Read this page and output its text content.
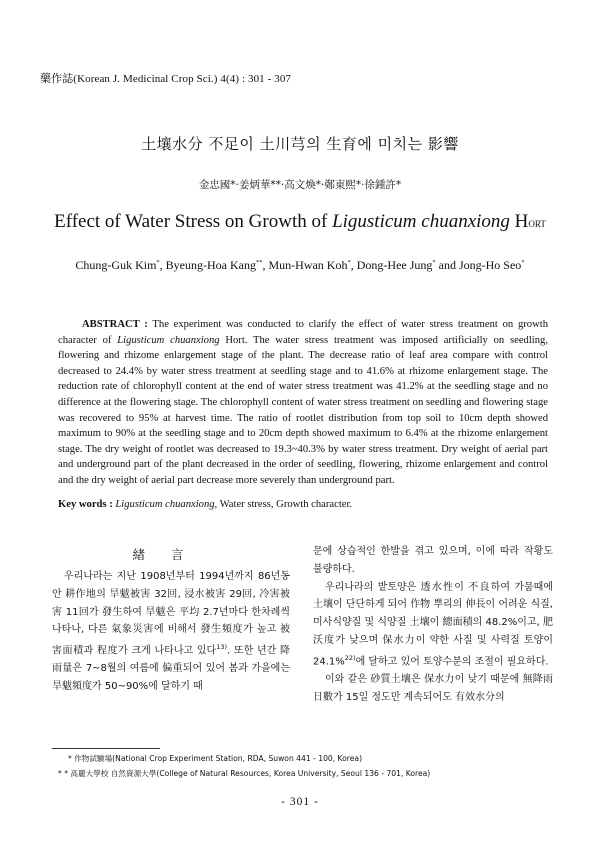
藥作誌(Korean J. Medicinal Crop Sci.) 4(4) : 301 - 307
土壤水分 不足이 土川芎의 生育에 미치는 影響
金忠國*·姜炳華**·高文煥*·鄭東熙*·徐鍾許*
Effect of Water Stress on Growth of Ligusticum chuanxiong HORT
Chung-Guk Kim*, Byeung-Hoa Kang**, Mun-Hwan Koh*, Dong-Hee Jung* and Jong-Ho Seo*
ABSTRACT : The experiment was conducted to clarify the effect of water stress treatment on growth character of Ligusticum chuanxiong Hort. The water stress treatment was imposed artificially on seedling, flowering and rhizome enlargement stage of the plant. The decrease ratio of leaf area compare with control decreased to 24.4% by water stress treatment at seedling stage and to 41.6% at rhizome enlargement stage. The reduction rate of chlorophyll content at the end of water stress treatment was 41.2% at the seedling stage and no difference at the flowering stage. The chlorophyll content of water stress treatment on seedling and flowering stage was recovered to 95% at harvest time. The ratio of rootlet distribution from top soil to 10cm depth showed maximum to 90% at the seedling stage and to 20cm depth showed maximum to 6.4% at the rhizome enlargement stage. The dry weight of rootlet was decreased to 19.3~40.3% by water stress treatment. Dry weight of aerial part and underground part of the plant decreased in the order of seedling, flowering, rhizome enlargement and control and the dry weight of aerial part decrease more severely than underground part.
Key words : Ligusticum chuanxiong, Water stress, Growth character.
緖言
우리나라는 지난 1908년부터 1994년까지 86년동안 耕作地의 旱魃被害 32回, 浸水被害 29回, 冷害被害 11回가 發生하여 旱魃은 平均 2.7년마다 한차례씩 나타나, 다른 氣象災害에 비해서 發生頻度가 높고 被害面積과 程度가 크게 나타나고 있다$^{13)}$. 또한 년간 降雨量은 7~8월의 여름에 偏重되어 있어 봄과 가을에는 旱魃頻度가 50~90%에 달하기 때

문에 상습적인 한발을 겪고 있으며, 이에 따라 작황도 불량하다.

우리나라의 밭토양은 透水性이 不良하여 가뭄때에 土壤이 단단하게 되어 作物 뿌리의 伸長이 어려운 식질, 미사식양질 및 식양질 土壤이 總面積의 48.2%이고, 肥沃度가 낮으며 保水力이 약한 사질 및 사력질 토양이 24.1%$^{22)}$에 달하고 있어 토양수분의 조절이 필요하다.

이와 같은 砂質土壤은 保水力이 낮기 때문에 無降雨 日數가 15일 정도만 계속되어도 有效水分의

* 作物試驗場(National Crop Experiment Station, RDA, Suwon 441 - 100, Korea)
* * 高麗大學校 自然資源大學(College of Natural Resources, Korea University, Seoul 136 - 701, Korea)
- 301 -
